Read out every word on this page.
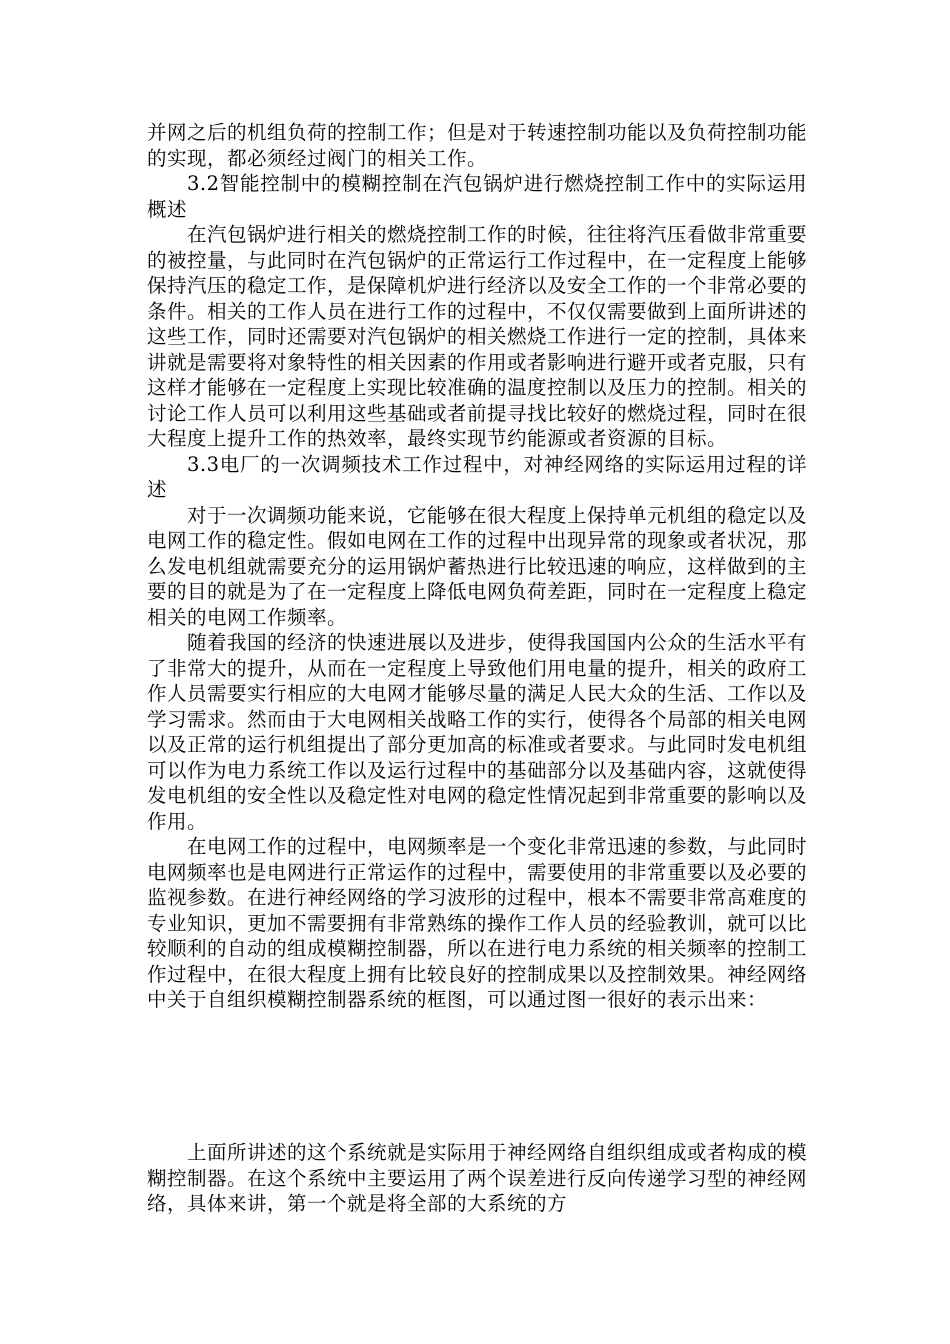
并网之后的机组负荷的控制工作；但是对于转速控制功能以及负荷控制功能的实现，都必须经过阀门的相关工作。

3.2智能控制中的模糊控制在汽包锅炉进行燃烧控制工作中的实际运用概述

在汽包锅炉进行相关的燃烧控制工作的时候，往往将汽压看做非常重要的被控量，与此同时在汽包锅炉的正常运行工作过程中，在一定程度上能够保持汽压的稳定工作，是保障机炉进行经济以及安全工作的一个非常必要的条件。相关的工作人员在进行工作的过程中，不仅仅需要做到上面所讲述的这些工作，同时还需要对汽包锅炉的相关燃烧工作进行一定的控制，具体来讲就是需要将对象特性的相关因素的作用或者影响进行避开或者克服，只有这样才能够在一定程度上实现比较准确的温度控制以及压力的控制。相关的讨论工作人员可以利用这些基础或者前提寻找比较好的燃烧过程，同时在很大程度上提升工作的热效率，最终实现节约能源或者资源的目标。

3.3电厂的一次调频技术工作过程中，对神经网络的实际运用过程的详述

对于一次调频功能来说，它能够在很大程度上保持单元机组的稳定以及电网工作的稳定性。假如电网在工作的过程中出现异常的现象或者状况，那么发电机组就需要充分的运用锅炉蓄热进行比较迅速的响应，这样做到的主要的目的就是为了在一定程度上降低电网负荷差距，同时在一定程度上稳定相关的电网工作频率。

随着我国的经济的快速进展以及进步，使得我国国内公众的生活水平有了非常大的提升，从而在一定程度上导致他们用电量的提升，相关的政府工作人员需要实行相应的大电网才能够尽量的满足人民大众的生活、工作以及学习需求。然而由于大电网相关战略工作的实行，使得各个局部的相关电网以及正常的运行机组提出了部分更加高的标准或者要求。与此同时发电机组可以作为电力系统工作以及运行过程中的基础部分以及基础内容，这就使得发电机组的安全性以及稳定性对电网的稳定性情况起到非常重要的影响以及作用。

在电网工作的过程中，电网频率是一个变化非常迅速的参数，与此同时电网频率也是电网进行正常运作的过程中，需要使用的非常重要以及必要的监视参数。在进行神经网络的学习波形的过程中，根本不需要非常高难度的专业知识，更加不需要拥有非常熟练的操作工作人员的经验教训，就可以比较顺利的自动的组成模糊控制器，所以在进行电力系统的相关频率的控制工作过程中，在很大程度上拥有比较良好的控制成果以及控制效果。神经网络中关于自组织模糊控制器系统的框图，可以通过图一很好的表示出来：

上面所讲述的这个系统就是实际用于神经网络自组织组成或者构成的模糊控制器。在这个系统中主要运用了两个误差进行反向传递学习型的神经网络，具体来讲，第一个就是将全部的大系统的方
